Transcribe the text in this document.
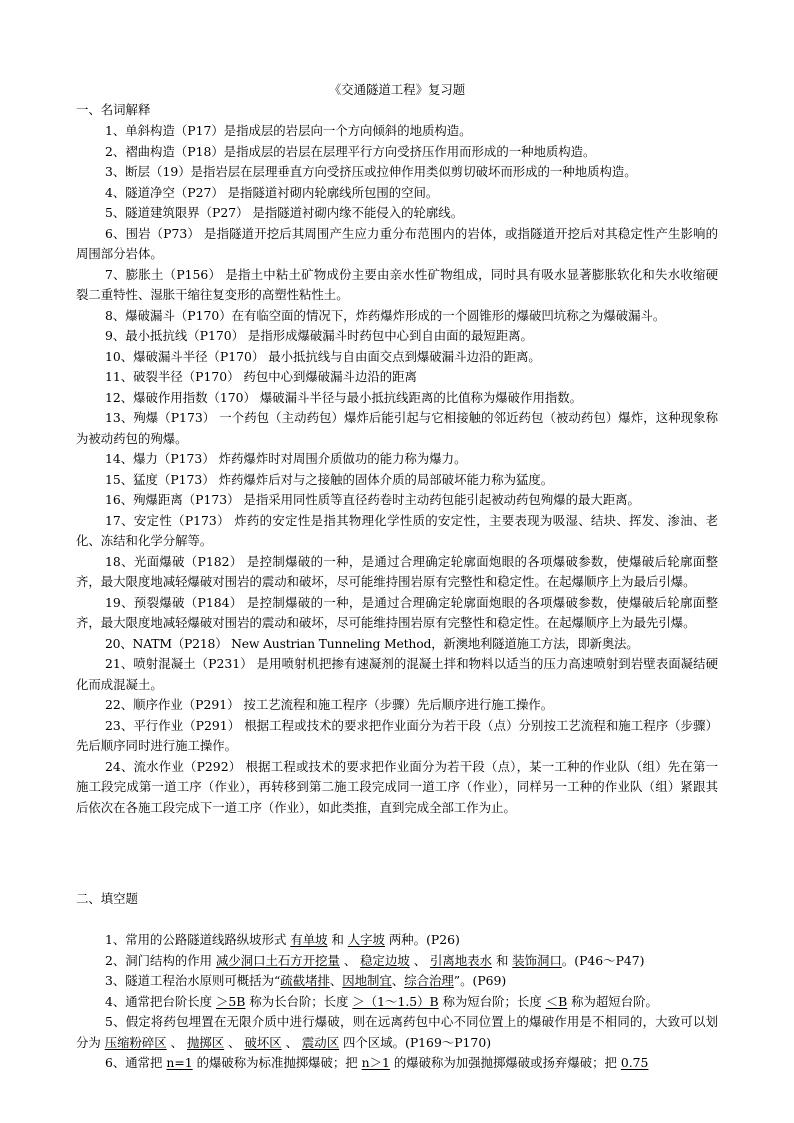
《交通隧道工程》复习题
一、名词解释

1、单斜构造（P17）是指成层的岩层向一个方向倾斜的地质构造。

2、褶曲构造（P18）是指成层的岩层在层理平行方向受挤压作用而形成的一种地质构造。

3、断层（19）是指岩层在层理垂直方向受挤压或拉伸作用类似剪切破坏而形成的一种地质构造。

4、隧道净空（P27） 是指隧道衬砌内轮廓线所包围的空间。

5、隧道建筑限界（P27） 是指隧道衬砌内缘不能侵入的轮廓线。

6、围岩（P73） 是指隧道开挖后其周围产生应力重分布范围内的岩体，或指隧道开挖后对其稳定性产生影响的周围部分岩体。

7、膨胀土（P156） 是指土中粘土矿物成份主要由亲水性矿物组成，同时具有吸水显著膨胀软化和失水收缩硬裂二重特性、湿胀干缩往复变形的高塑性粘性土。

8、爆破漏斗（P170）在有临空面的情况下，炸药爆炸形成的一个圆锥形的爆破凹坑称之为爆破漏斗。

9、最小抵抗线（P170） 是指形成爆破漏斗时药包中心到自由面的最短距离。

10、爆破漏斗半径（P170） 最小抵抗线与自由面交点到爆破漏斗边沿的距离。

11、破裂半径（P170） 药包中心到爆破漏斗边沿的距离

12、爆破作用指数（170） 爆破漏斗半径与最小抵抗线距离的比值称为爆破作用指数。

13、殉爆（P173） 一个药包（主动药包）爆炸后能引起与它相接触的邻近药包（被动药包）爆炸，这种现象称为被动药包的殉爆。

14、爆力（P173） 炸药爆炸时对周围介质做功的能力称为爆力。

15、猛度（P173） 炸药爆炸后对与之接触的固体介质的局部破坏能力称为猛度。

16、殉爆距离（P173） 是指采用同性质等直径药卷时主动药包能引起被动药包殉爆的最大距离。

17、安定性（P173） 炸药的安定性是指其物理化学性质的安定性，主要表现为吸湿、结块、挥发、渗油、老化、冻结和化学分解等。

18、光面爆破（P182） 是控制爆破的一种，是通过合理确定轮廓面炮眼的各项爆破参数，使爆破后轮廓面整齐，最大限度地减轻爆破对围岩的震动和破坏，尽可能维持围岩原有完整性和稳定性。在起爆顺序上为最后引爆。

19、预裂爆破（P184） 是控制爆破的一种，是通过合理确定轮廓面炮眼的各项爆破参数，使爆破后轮廓面整齐，最大限度地减轻爆破对围岩的震动和破坏，尽可能维持围岩原有完整性和稳定性。在起爆顺序上为最先引爆。

20、NATM（P218） New Austrian Tunneling Method，新澳地利隧道施工方法，即新奥法。

21、喷射混凝土（P231） 是用喷射机把掺有速凝剂的混凝土拌和物料以适当的压力高速喷射到岩壁表面凝结硬化而成混凝土。

22、顺序作业（P291） 按工艺流程和施工程序（步骤）先后顺序进行施工操作。

23、平行作业（P291） 根据工程或技术的要求把作业面分为若干段（点）分别按工艺流程和施工程序（步骤）先后顺序同时进行施工操作。

24、流水作业（P292） 根据工程或技术的要求把作业面分为若干段（点），某一工种的作业队（组）先在第一施工段完成第一道工序（作业），再转移到第二施工段完成同一道工序（作业），同样另一工种的作业队（组）紧跟其后依次在各施工段完成下一道工序（作业），如此类推，直到完成全部工作为止。

二、填空题

1、常用的公路隧道线路纵坡形式 有单坡 和 人字坡 两种。(P26)

2、洞门结构的作用 减少洞口土石方开挖量 、 稳定边坡 、 引离地表水 和 装饰洞口。(P46～P47)

3、隧道工程治水原则可概括为“疏截堵排、因地制宜、综合治理”。(P69)

4、通常把台阶长度 ＞5B 称为长台阶；长度 ＞（1～1.5）B 称为短台阶；长度 ＜B 称为超短台阶。

5、假定将药包埋置在无限介质中进行爆破，则在远离药包中心不同位置上的爆破作用是不相同的，大致可以划分为 压缩粉碎区 、 抛掷区 、 破坏区 、 震动区 四个区域。(P169～P170)

6、通常把 n=1 的爆破称为标准抛掷爆破；把 n＞1 的爆破称为加强抛掷爆破或扬弃爆破；把 0.75
